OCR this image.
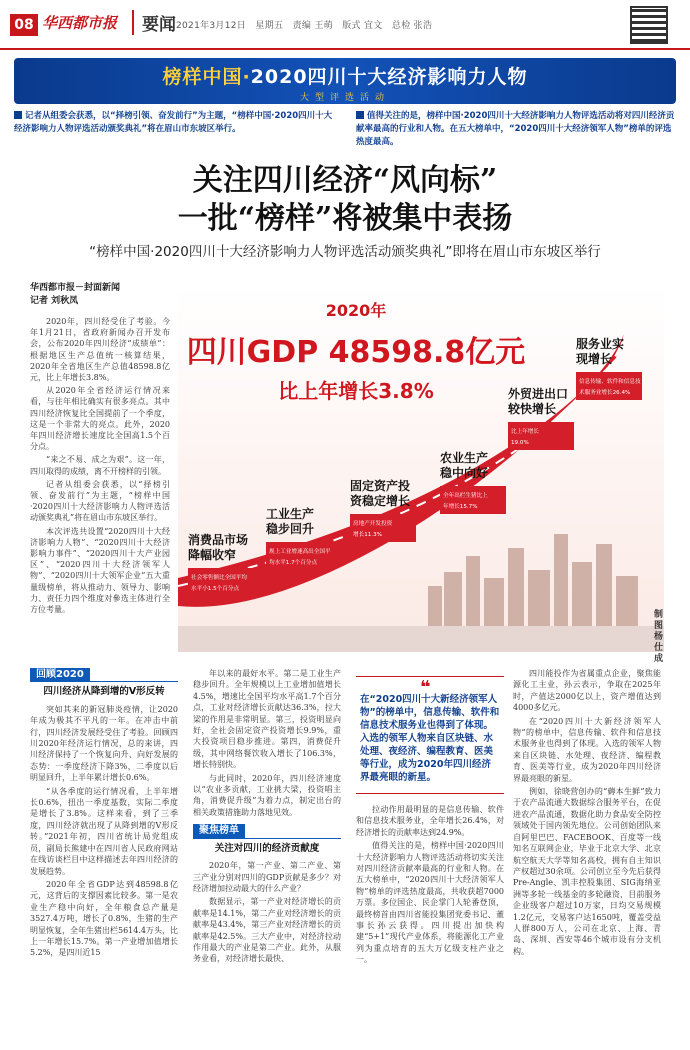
08 华西都市报	要闻 2021年3月12日　星期五　责编 王萌　版式 宜文　总检 张浩
榜样中国·2020四川十大经济影响力人物
大型评选活动
记者从组委会获悉，以“择榜引领、奋发前行”为主题，“榜样中国·2020四川十大经济影响力人物评选活动颁奖典礼”将在眉山市东坡区举行。
值得关注的是，榜样中国·2020四川十大经济影响力人物评选活动将对四川经济贡献率最高的行业和人物。在五大榜单中，“2020四川十大经济领军人物”榜单的评选热度最高。
关注四川经济“风向标”
一批“榜样”将被集中表扬
“榜样中国·2020四川十大经济影响力人物评选活动颁奖典礼”即将在眉山市东坡区举行
华西都市报－封面新闻
记者 刘秋凤

2020年，四川经受住了考验。今年1月21日，省政府新闻办召开发布会，公布2020年四川经济“成绩单”：根据地区生产总值统一核算结果，2020年全省地区生产总值48598.8亿元，比上年增长3.8%。

从2020年全省经济运行情况来看，与往年相比确实有很多亮点。其中四川经济恢复比全国提前了一个季度，这是一个非常大的亮点。此外，2020年四川经济增长速度比全国高1.5个百分点。

“来之不易、成之为艰”。这一年，四川取得的成绩，离不开榜样的引领。

记者从组委会获悉，以“择榜引领、奋发前行”为主题，“榜样中国·2020四川十大经济影响力人物评选活动颁奖典礼”将在眉山市东坡区举行。

本次评选共设置“2020四川十大经济影响力人物”、“2020四川十大经济影响力事件”、“2020四川十大产业园区”、“2020四川十大经济领军人物”、“2020四川十大领军企业”五大重量级榜单，将从推动力、领导力、影响力、责任力四个维度对參选主体进行全方位考量。

2020年
四川GDP 48598.8亿元
比上年增长3.8%
消费品市场
降幅收窄
社会零售额比全国平均
水平小1.5个百分点
工业生产
稳步回升
规上工业增速高出全国平
均水平1.7个百分点
固定资产投
资稳定增长
房地产开发投资
增长11.3%
农业生产
稳中向好
全年出栏生猪比上
年增长15.7%
外贸进出口
较快增长
比上年增长
19.0%
服务业实
现增长
信息传输、软件和信息技
术服务业增长26.4%
制图 杨仕成
回顾2020
四川经济从降到增的V形反转

突如其来的新冠肺炎疫情，让2020年成为极其不平凡的一年。在冲击中前行，四川经济发展经受住了考验。回顾四川2020年经济运行情况，总的来讲，四川经济保持了一个恢复向升、向好发展的态势：一季度经济下降3%，二季度以后明显回升，上半年累计增长0.6%。

“从各季度的运行情况看，上半年增长0.6%，扭出一季度基数，实际二季度是增长了3.8%。这样来看，到了三季度，四川经济就出现了从降到增的V形反转。”2021年初，四川省统计局党组成员，副局长熊建中在四川省人民政府网站在线访谈栏目中这样描述去年四川经济的发展趋势。

2020年全省GDP达到48598.8亿元，这背后的支撑因素比较多。第一是农业生产稳中向好，全年粮食总产量是3527.4万吨，增长了0.8%，生猪的生产明显恢复，全年生猪出栏5614.4万头，比上一年增长15.7%。第一产业增加值增长5.2%，是四川近15

年以来的最好水平。第二是工业生产稳步回升。全年规模以上工业增加值增长4.5%，增速比全国平均水平高1.7个百分点，工业对经济增长贡献达36.3%，拉大梁的作用是非常明显。第三，投资明显向好，全社会固定资产投资增长9.9%，重大投资项目稳步推进。第四，消费促升级，其中网络餐饮收入增长了106.3%，增长特别快。

与此同时，2020年，四川经济速度以“农业多贡献，工业挑大梁，投资唱主角，消费促升级”为着力点，制定出台的相关政策措施助力落地见效。

聚焦榜单
关注对四川的经济贡献度

2020年，第一产业、第二产业、第三产业分别对四川的GDP贡献是多少？对经济增加拉动最大的什么产业？

数据显示，第一产业对经济增长的贡献率是14.1%，第二产业对经济增长的贡献率是43.4%，第三产业对经济增长的贡献率是42.5%。三大产业中，对经济拉动作用最大的产业是第二产业。此外，从服务业看，对经济增长最快、

❝
在“2020四川十大新经济领军人物”的榜单中，信息传输、软件和信息技术服务业也得到了体现。入选的领军人物来自区块链、水处理、夜经济、编程教育、医美等行业，成为2020年四川经济界最亮眼的新星。

拉动作用最明显的是信息传输、软件和信息技术服务业，全年增长26.4%，对经济增长的贡献率达到24.9%。

值得关注的是，榜样中国·2020四川十大经济影响力人物评选活动将切实关注对四川经济贡献率最高的行业和人物。在五大榜单中，“2020四川十大经济领军人物”榜单的评选热度最高，共收获超7000万票。多位国企、民企掌门人轮番登顶，最终榜首由四川省能投集团党委书记、董事长孙云获得。四川提出加快构建“5+1”现代产业体系，将能源化工产业列为重点培育的五大万亿级支柱产业之一。

四川能投作为省属重点企业，聚焦能源化工主业，孙云表示，争取在2025年时，产值达2000亿以上，资产增值达到4000多亿元。

在“2020四川十大新经济领军人物”的榜单中，信息传输、软件和信息技术服务业也得到了体现。入选的领军人物来自区块链、水处理、夜经济、编程教育、医美等行业，成为2020年四川经济界最亮眼的新星。

例如，徐晓营创办的“薅本生鲜”致力于农产品流通大数据综合服务平台，在促进农产品流通，数据化助力食品安全防控领域处于国内领先地位。公司创始团队来自阿里巴巴、FACEBOOK、百度等一线知名互联网企业，毕业于北京大学、北京航空航天大学等知名高校，拥有自主知识产权超过30余项。公司创立至今先后获得Pre-Angle、凯丰控股集团、SIG海纳亚洲等多轮一线基金的多轮融资，目前服务企业级客户超过10万家，日均交易规模1.2亿元，交易客户达1650吨，覆盖受益人群800万人，公司在北京、上海、青岛、深圳、西安等46个城市设有分支机构。
